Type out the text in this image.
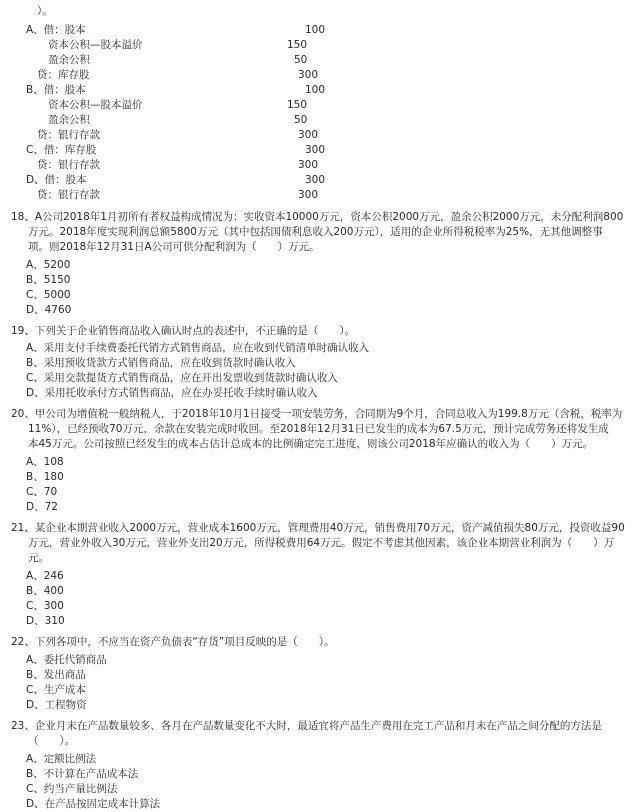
）。
A、借：股本	100
资本公积—股本溢价	150
盈余公积	50
贷：库存股	300
B、借：股本	100
资本公积—股本溢价	150
盈余公积	50
贷：银行存款	300
C、借：库存股	300
贷：银行存款	300
D、借：股本	300
贷：银行存款	300
18、A公司2018年1月初所有者权益构成情况为：实收资本10000万元，资本公积2000万元，盈余公积2000万元，未分配利润800
万元。2018年度实现利润总额5800万元（其中包括国债利息收入200万元），适用的企业所得税税率为25%，无其他调整事
项。则2018年12月31日A公司可供分配利润为（　　）万元。
A、5200
B、5150
C、5000
D、4760
19、下列关于企业销售商品收入确认时点的表述中，不正确的是（　　）。
A、采用支付手续费委托代销方式销售商品，应在收到代销清单时确认收入
B、采用预收货款方式销售商品，应在收到货款时确认收入
C、采用交款提货方式销售商品，应在开出发票收到货款时确认收入
D、采用托收承付方式销售商品，应在办妥托收手续时确认收入
20、甲公司为增值税一般纳税人，于2018年10月1日接受一项安装劳务，合同期为9个月，合同总收入为199.8万元（含税，税率为
11%），已经预收70万元，余款在安装完成时收回。至2018年12月31日已发生的成本为67.5万元，预计完成劳务还将发生成
本45万元。公司按照已经发生的成本占估计总成本的比例确定完工进度，则该公司2018年应确认的收入为（　　）万元。
A、108
B、180
C、70
D、72
21、某企业本期营业收入2000万元，营业成本1600万元，管理费用40万元，销售费用70万元，资产减值损失80万元，投资收益90
万元，营业外收入30万元，营业外支出20万元，所得税费用64万元。假定不考虑其他因素，该企业本期营业利润为（　　）万
元。
A、246
B、400
C、300
D、310
22、下列各项中，不应当在资产负债表“存货”项目反映的是（　　）。
A、委托代销商品
B、发出商品
C、生产成本
D、工程物资
23、企业月末在产品数量较多、各月在产品数量变化不大时，最适宜将产品生产费用在完工产品和月末在产品之间分配的方法是
（　　）。
A、定额比例法
B、不计算在产品成本法
C、约当产量比例法
D、在产品按固定成本计算法
